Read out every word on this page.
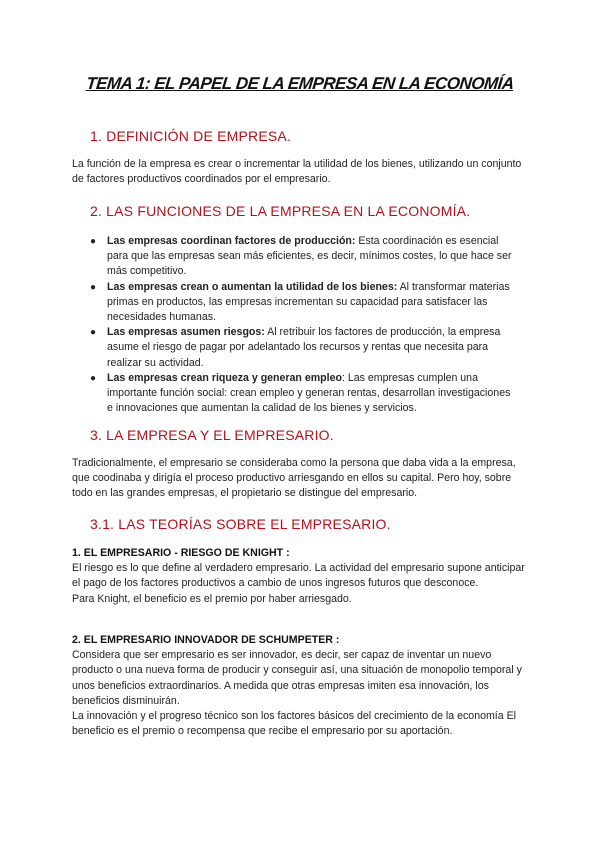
TEMA 1: EL PAPEL DE LA EMPRESA EN LA ECONOMÍA
1. DEFINICIÓN DE EMPRESA.
La función de la empresa es crear o incrementar la utilidad de los bienes, utilizando un conjunto de factores productivos coordinados por el empresario.
2. LAS FUNCIONES DE LA EMPRESA EN LA ECONOMÍA.
● Las empresas coordinan factores de producción: Esta coordinación es esencial para que las empresas sean más eficientes, es decir, mínimos costes, lo que hace ser más competitivo.
● Las empresas crean o aumentan la utilidad de los bienes: Al transformar materias primas en productos, las empresas incrementan su capacidad para satisfacer las necesidades humanas.
● Las empresas asumen riesgos: Al retribuir los factores de producción, la empresa asume el riesgo de pagar por adelantado los recursos y rentas que necesita para realizar su actividad.
● Las empresas crean riqueza y generan empleo: Las empresas cumplen una importante función social: crean empleo y generan rentas, desarrollan investigaciones e innovaciones que aumentan la calidad de los bienes y servicios.
3. LA EMPRESA Y EL EMPRESARIO.
Tradicionalmente, el empresario se consideraba como la persona que daba vida a la empresa, que coodinaba y dirigía el proceso productivo arriesgando en ellos su capital. Pero hoy, sobre todo en las grandes empresas, el propietario se distingue del empresario.
3.1. LAS TEORÍAS SOBRE EL EMPRESARIO.
1. EL EMPRESARIO - RIESGO DE KNIGHT :
El riesgo es lo que define al verdadero empresario. La actividad del empresario supone anticipar el pago de los factores productivos a cambio de unos ingresos futuros que desconoce.
Para Knight, el beneficio es el premio por haber arriesgado.
2. EL EMPRESARIO INNOVADOR DE SCHUMPETER :
Considera que ser empresario es ser innovador, es decir, ser capaz de inventar un nuevo producto o una nueva forma de producir y conseguir así, una situación de monopolio temporal y unos beneficios extraordinarios. A medida que otras empresas imiten esa innovación, los beneficios disminuirán.
La innovación y el progreso técnico son los factores básicos del crecimiento de la economía El beneficio es el premio o recompensa que recibe el empresario por su aportación.
